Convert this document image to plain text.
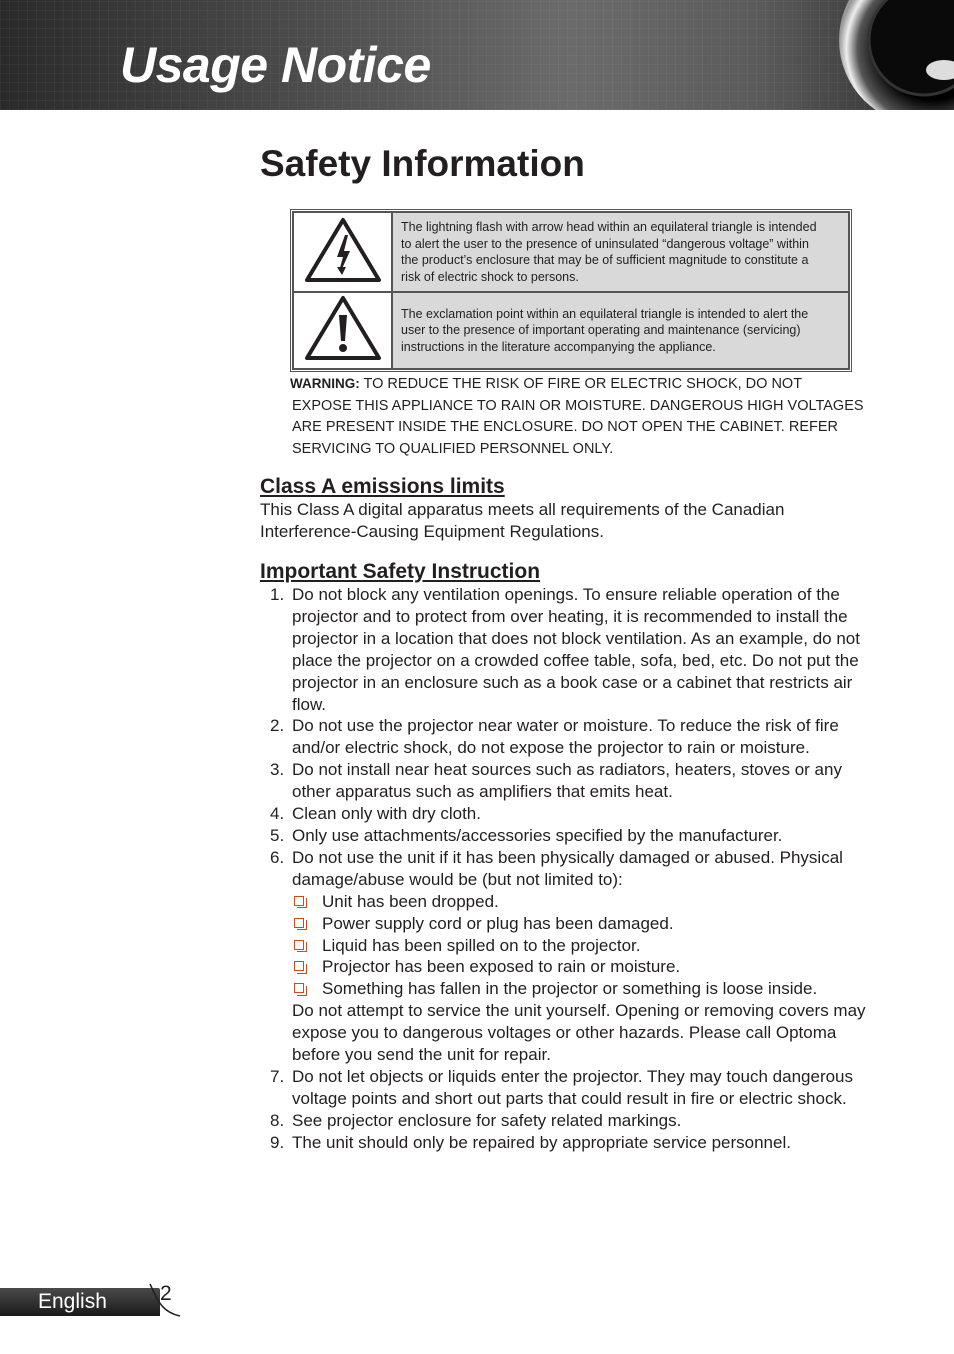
Usage Notice
Safety Information
	The lightning flash with arrow head within an equilateral triangle is intended to alert the user to the presence of uninsulated “dangerous voltage” within the product’s enclosure that may be of sufficient magnitude to constitute a risk of electric shock to persons.
	The exclamation point within an equilateral triangle is intended to alert the user to the presence of important operating and maintenance (servicing) instructions in the literature accompanying the appliance.
WARNING: TO REDUCE THE RISK OF FIRE OR ELECTRIC SHOCK, DO NOT
EXPOSE THIS APPLIANCE TO RAIN OR MOISTURE. DANGEROUS HIGH VOLTAGES ARE PRESENT INSIDE THE ENCLOSURE. DO NOT OPEN THE CABINET. REFER SERVICING TO QUALIFIED PERSONNEL ONLY.
Class A emissions limits
This Class A digital apparatus meets all requirements of the Canadian Interference-Causing Equipment Regulations.
Important Safety Instruction
1. Do not block any ventilation openings. To ensure reliable operation of the projector and to protect from over heating, it is recommended to install the projector in a location that does not block ventilation. As an example, do not place the projector on a crowded coffee table, sofa, bed, etc. Do not put the projector in an enclosure such as a book case or a cabinet that restricts air flow.
2. Do not use the projector near water or moisture. To reduce the risk of fire and/or electric shock, do not expose the projector to rain or moisture.
3. Do not install near heat sources such as radiators, heaters, stoves or any other apparatus such as amplifiers that emits heat.
4. Clean only with dry cloth.
5. Only use attachments/accessories specified by the manufacturer.
6. Do not use the unit if it has been physically damaged or abused. Physical damage/abuse would be (but not limited to):
Unit has been dropped.
Power supply cord or plug has been damaged.
Liquid has been spilled on to the projector.
Projector has been exposed to rain or moisture.
Something has fallen in the projector or something is loose inside.
Do not attempt to service the unit yourself. Opening or removing covers may expose you to dangerous voltages or other hazards. Please call Optoma before you send the unit for repair.
7. Do not let objects or liquids enter the projector. They may touch dangerous voltage points and short out parts that could result in fire or electric shock.
8. See projector enclosure for safety related markings.
9. The unit should only be repaired by appropriate service personnel.
English	2
